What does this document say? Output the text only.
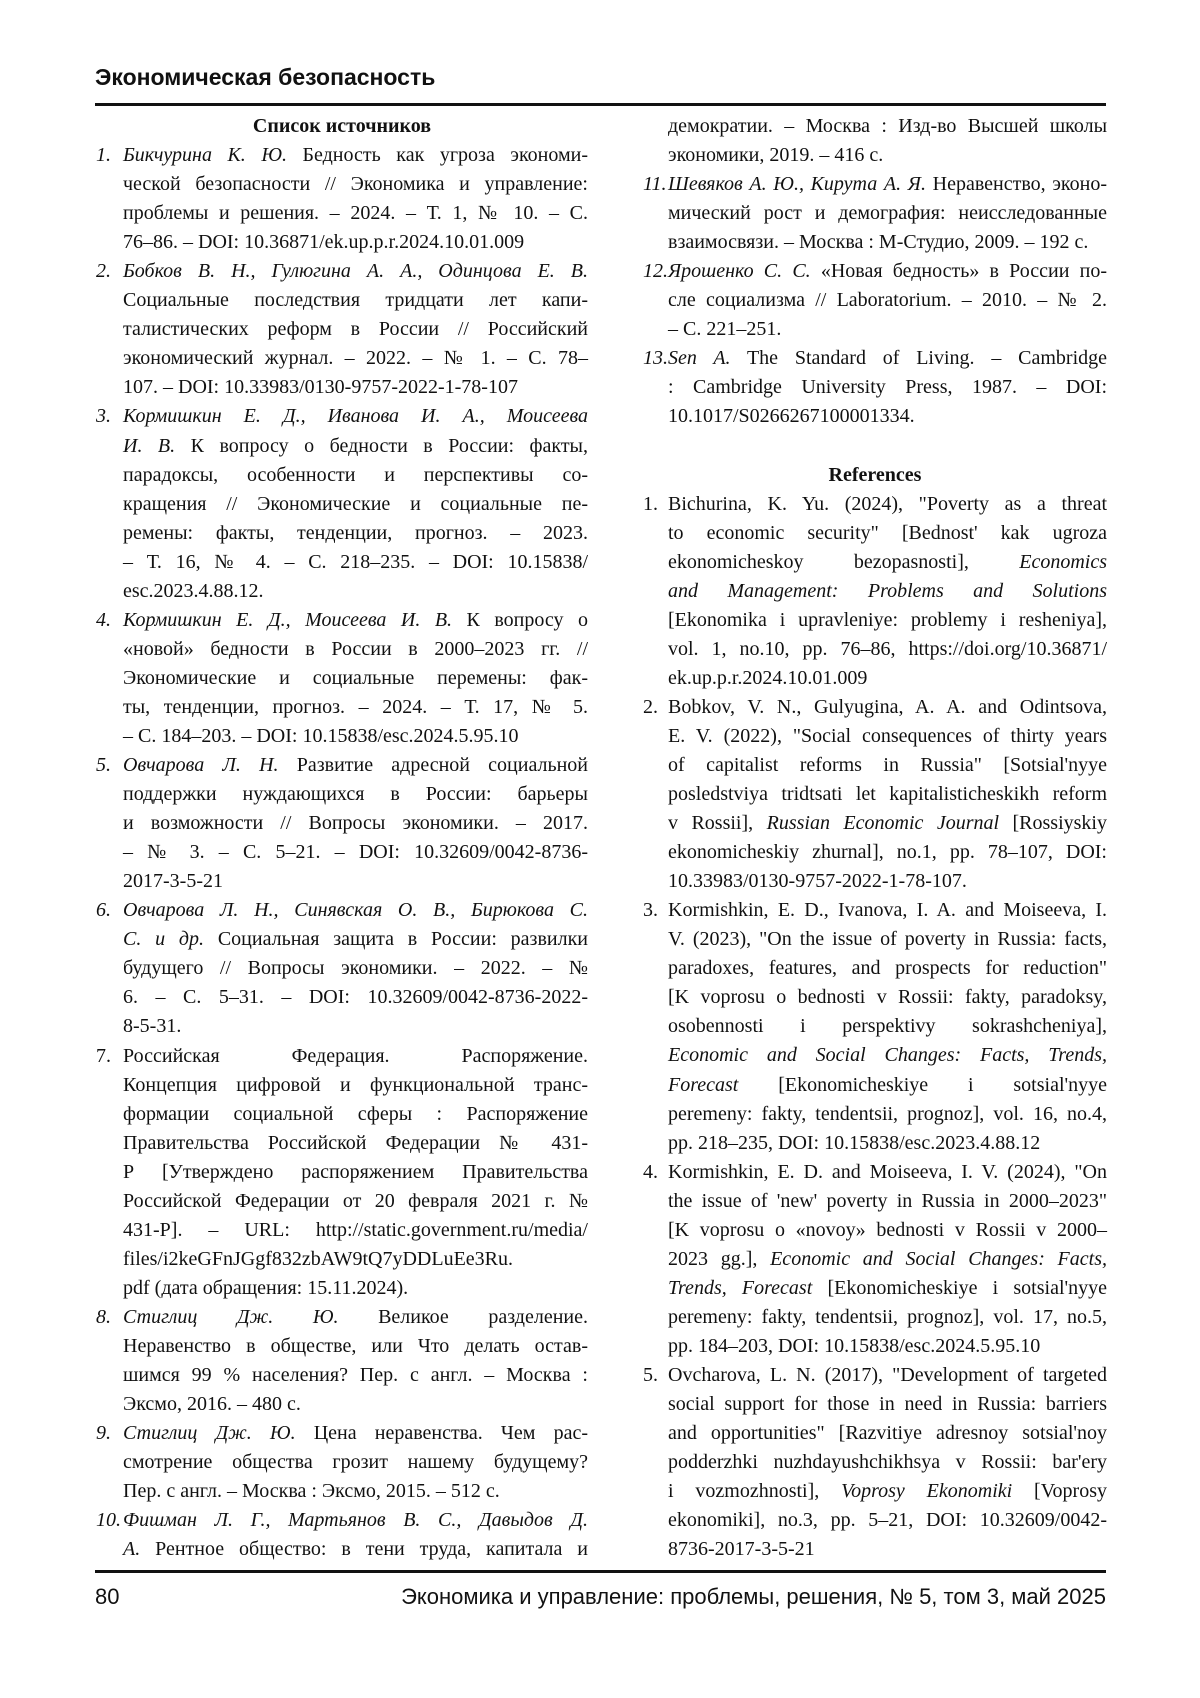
Экономическая безопасность
Список источников
1. Бикчурина К. Ю. Бедность как угроза экономи-
ческой безопасности // Экономика и управление:
проблемы и решения. – 2024. – Т. 1, № 10. – С.
76–86. – DOI: 10.36871/ek.up.p.r.2024.10.01.009
2. Бобков В. Н., Гулюгина А. А., Одинцова Е. В.
Социальные последствия тридцати лет капи-
талистических реформ в России // Российский
экономический журнал. – 2022. – № 1. – С. 78–
107. – DOI: 10.33983/0130-9757-2022-1-78-107
3. Кормишкин Е. Д., Иванова И. А., Моисеева
И. В. К вопросу о бедности в России: факты,
парадоксы, особенности и перспективы со-
кращения // Экономические и социальные пе-
ремены: факты, тенденции, прогноз. – 2023.
– Т. 16, № 4. – С. 218–235. – DOI: 10.15838/
esc.2023.4.88.12.
4. Кормишкин Е. Д., Моисеева И. В. К вопросу о
«новой» бедности в России в 2000–2023 гг. //
Экономические и социальные перемены: фак-
ты, тенденции, прогноз. – 2024. – Т. 17, № 5.
– С. 184–203. – DOI: 10.15838/esc.2024.5.95.10
5. Овчарова Л. Н. Развитие адресной социальной
поддержки нуждающихся в России: барьеры
и возможности // Вопросы экономики. – 2017.
– № 3. – С. 5–21. – DOI: 10.32609/0042-8736-
2017-3-5-21
6. Овчарова Л. Н., Синявская О. В., Бирюкова С.
С. и др. Социальная защита в России: развилки
будущего // Вопросы экономики. – 2022. – №
6. – С. 5–31. – DOI: 10.32609/0042-8736-2022-
8-5-31.
7. Российская Федерация. Распоряжение.
Концепция цифровой и функциональной транс-
формации социальной сферы : Распоряжение
Правительства Российской Федерации № 431-
Р [Утверждено распоряжением Правительства
Российской Федерации от 20 февраля 2021 г. №
431-Р]. – URL: http://static.government.ru/media/
files/i2keGFnJGgf832zbAW9tQ7yDDLuEe3Ru.
pdf (дата обращения: 15.11.2024).
8. Стиглиц Дж. Ю. Великое разделение.
Неравенство в обществе, или Что делать остав-
шимся 99 % населения? Пер. с англ. – Москва :
Эксмо, 2016. – 480 с.
9. Стиглиц Дж. Ю. Цена неравенства. Чем рас-
смотрение общества грозит нашему будущему?
Пер. с англ. – Москва : Эксмо, 2015. – 512 с.
10. Фишман Л. Г., Мартьянов В. С., Давыдов Д.
А. Рентное общество: в тени труда, капитала и
демократии. – Москва : Изд-во Высшей школы
экономики, 2019. – 416 с.
11. Шевяков А. Ю., Кирута А. Я. Неравенство, эконо-
мический рост и демография: неисследованные
взаимосвязи. – Москва : М-Студио, 2009. – 192 с.
12. Ярошенко С. С. «Новая бедность» в России по-
сле социализма // Laboratorium. – 2010. – № 2.
– С. 221–251.
13. Sen A. The Standard of Living. – Cambridge
: Cambridge University Press, 1987. – DOI:
10.1017/S0266267100001334.
References
1. Bichurina, K. Yu. (2024), "Poverty as a threat
to economic security" [Bednost' kak ugroza
ekonomicheskoy bezopasnosti], Economics
and Management: Problems and Solutions
[Ekonomika i upravleniye: problemy i resheniya],
vol. 1, no.10, pp. 76–86, https://doi.org/10.36871/
ek.up.p.r.2024.10.01.009
2. Bobkov, V. N., Gulyugina, A. A. and Odintsova,
E. V. (2022), "Social consequences of thirty years
of capitalist reforms in Russia" [Sotsial'nyye
posledstviya tridtsati let kapitalisticheskikh reform
v Rossii], Russian Economic Journal [Rossiyskiy
ekonomicheskiy zhurnal], no.1, pp. 78–107, DOI:
10.33983/0130-9757-2022-1-78-107.
3. Kormishkin, E. D., Ivanova, I. A. and Moiseeva, I.
V. (2023), "On the issue of poverty in Russia: facts,
paradoxes, features, and prospects for reduction"
[K voprosu o bednosti v Rossii: fakty, paradoksy,
osobennosti i perspektivy sokrashcheniya],
Economic and Social Changes: Facts, Trends,
Forecast [Ekonomicheskiye i sotsial'nyye
peremeny: fakty, tendentsii, prognoz], vol. 16, no.4,
pp. 218–235, DOI: 10.15838/esc.2023.4.88.12
4. Kormishkin, E. D. and Moiseeva, I. V. (2024), "On
the issue of 'new' poverty in Russia in 2000–2023"
[K voprosu o «novoy» bednosti v Rossii v 2000–
2023 gg.], Economic and Social Changes: Facts,
Trends, Forecast [Ekonomicheskiye i sotsial'nyye
peremeny: fakty, tendentsii, prognoz], vol. 17, no.5,
pp. 184–203, DOI: 10.15838/esc.2024.5.95.10
5. Ovcharova, L. N. (2017), "Development of targeted
social support for those in need in Russia: barriers
and opportunities" [Razvitiye adresnoy sotsial'noy
podderzhki nuzhdayushchikhsya v Rossii: bar'ery
i vozmozhnosti], Voprosy Ekonomiki [Voprosy
ekonomiki], no.3, pp. 5–21, DOI: 10.32609/0042-
8736-2017-3-5-21
80	Экономика и управление: проблемы, решения, № 5, том 3, май 2025
